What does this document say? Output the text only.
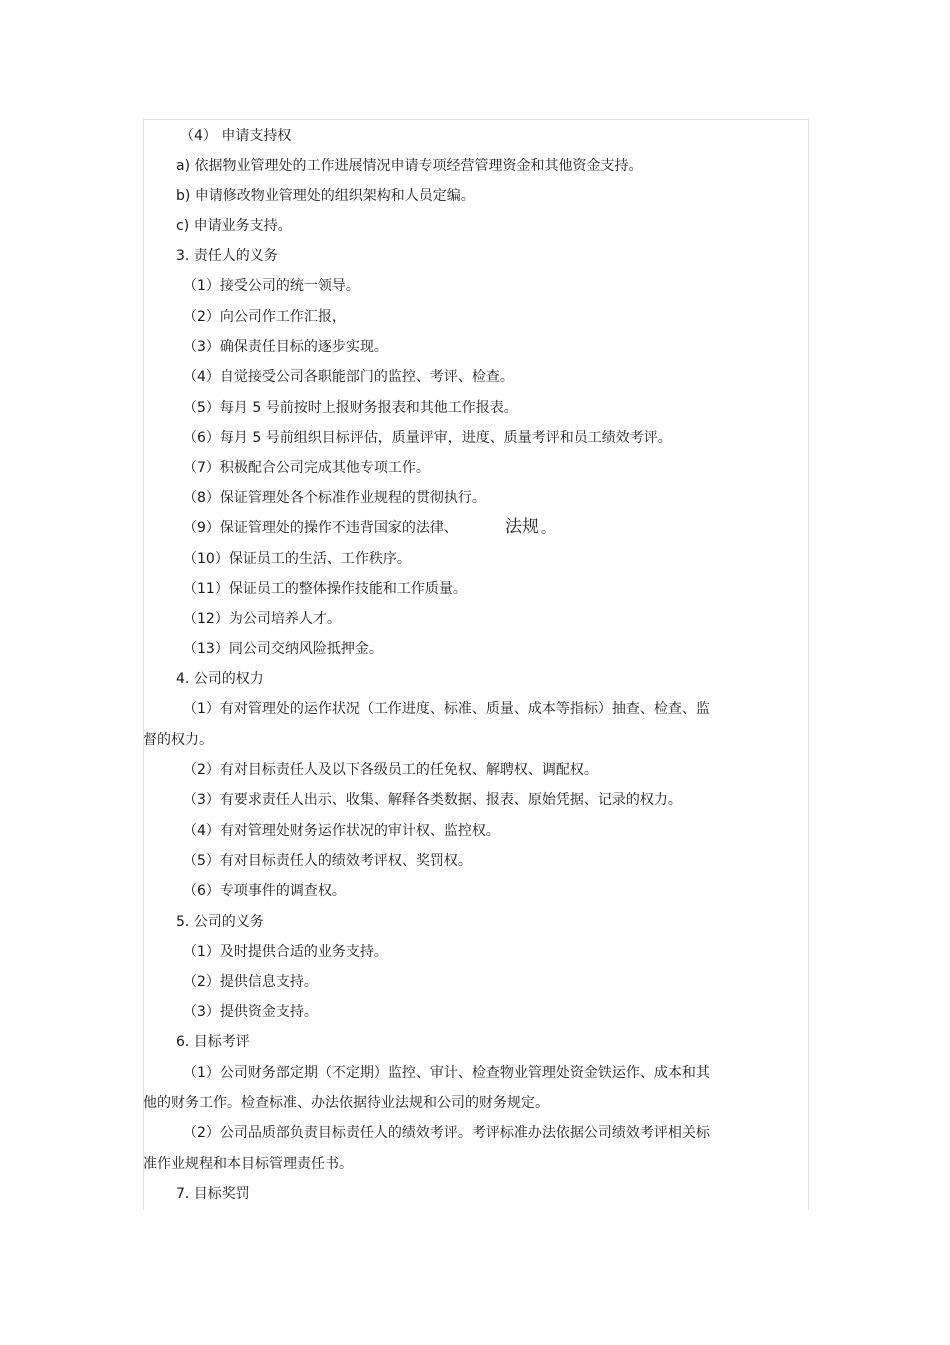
（4） 申请支持权
a) 依据物业管理处的工作进展情况申请专项经营管理资金和其他资金支持。
b) 申请修改物业管理处的组织架构和人员定编。
c) 申请业务支持。
3. 责任人的义务
（1）接受公司的统一领导。
（2）向公司作工作汇报，
（3）确保责任目标的逐步实现。
（4）自觉接受公司各职能部门的监控、考评、检查。
（5）每月 5 号前按时上报财务报表和其他工作报表。
（6）每月 5 号前组织目标评估，质量评审，进度、质量考评和员工绩效考评。
（7）积极配合公司完成其他专项工作。
（8）保证管理处各个标准作业规程的贯彻执行。
（9）保证管理处的操作不违背国家的法律、	法规 。
（10）保证员工的生活、工作秩序。
（11）保证员工的整体操作技能和工作质量。
（12）为公司培养人才。
（13）同公司交纳风险抵押金。
4. 公司的权力
（1）有对管理处的运作状况（工作进度、标准、质量、成本等指标）抽查、检查、监
督的权力。
（2）有对目标责任人及以下各级员工的任免权、解聘权、调配权。
（3）有要求责任人出示、收集、解释各类数据、报表、原始凭据、记录的权力。
（4）有对管理处财务运作状况的审计权、监控权。
（5）有对目标责任人的绩效考评权、奖罚权。
（6）专项事件的调查权。
5. 公司的义务
（1）及时提供合适的业务支持。
（2）提供信息支持。
（3）提供资金支持。
6. 目标考评
（1）公司财务部定期（不定期）监控、审计、检查物业管理处资金铁运作、成本和其
他的财务工作。检查标准、办法依据待业法规和公司的财务规定。
（2）公司品质部负责目标责任人的绩效考评。考评标准办法依据公司绩效考评相关标
准作业规程和本目标管理责任书。
7. 目标奖罚
